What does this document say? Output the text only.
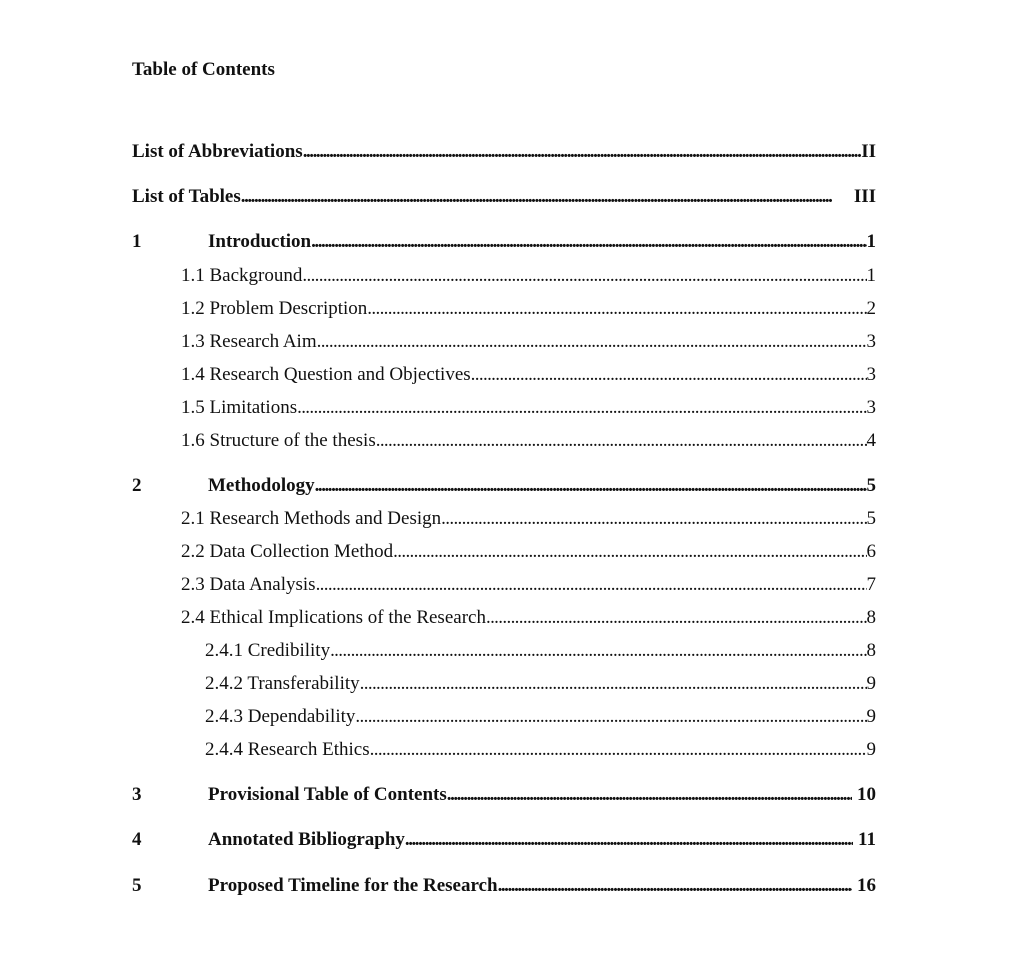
Table of Contents
List of Abbreviations . . .	II
List of Tables . . .	III
1	Introduction . . .	1
1.1 Background . . .	1
1.2 Problem Description . . .	2
1.3 Research Aim . . .	3
1.4 Research Question and Objectives . . .	3
1.5 Limitations . . .	3
1.6 Structure of the thesis . . .	4
2	Methodology . . .	5
2.1 Research Methods and Design . . .	5
2.2 Data Collection Method . . .	6
2.3 Data Analysis . . .	7
2.4 Ethical Implications of the Research . . .	8
2.4.1 Credibility . . .	8
2.4.2 Transferability . . .	9
2.4.3 Dependability . . .	9
2.4.4 Research Ethics . . .	9
3	Provisional Table of Contents . . .	10
4	Annotated Bibliography . . .	11
5	Proposed Timeline for the Research . . .	16
